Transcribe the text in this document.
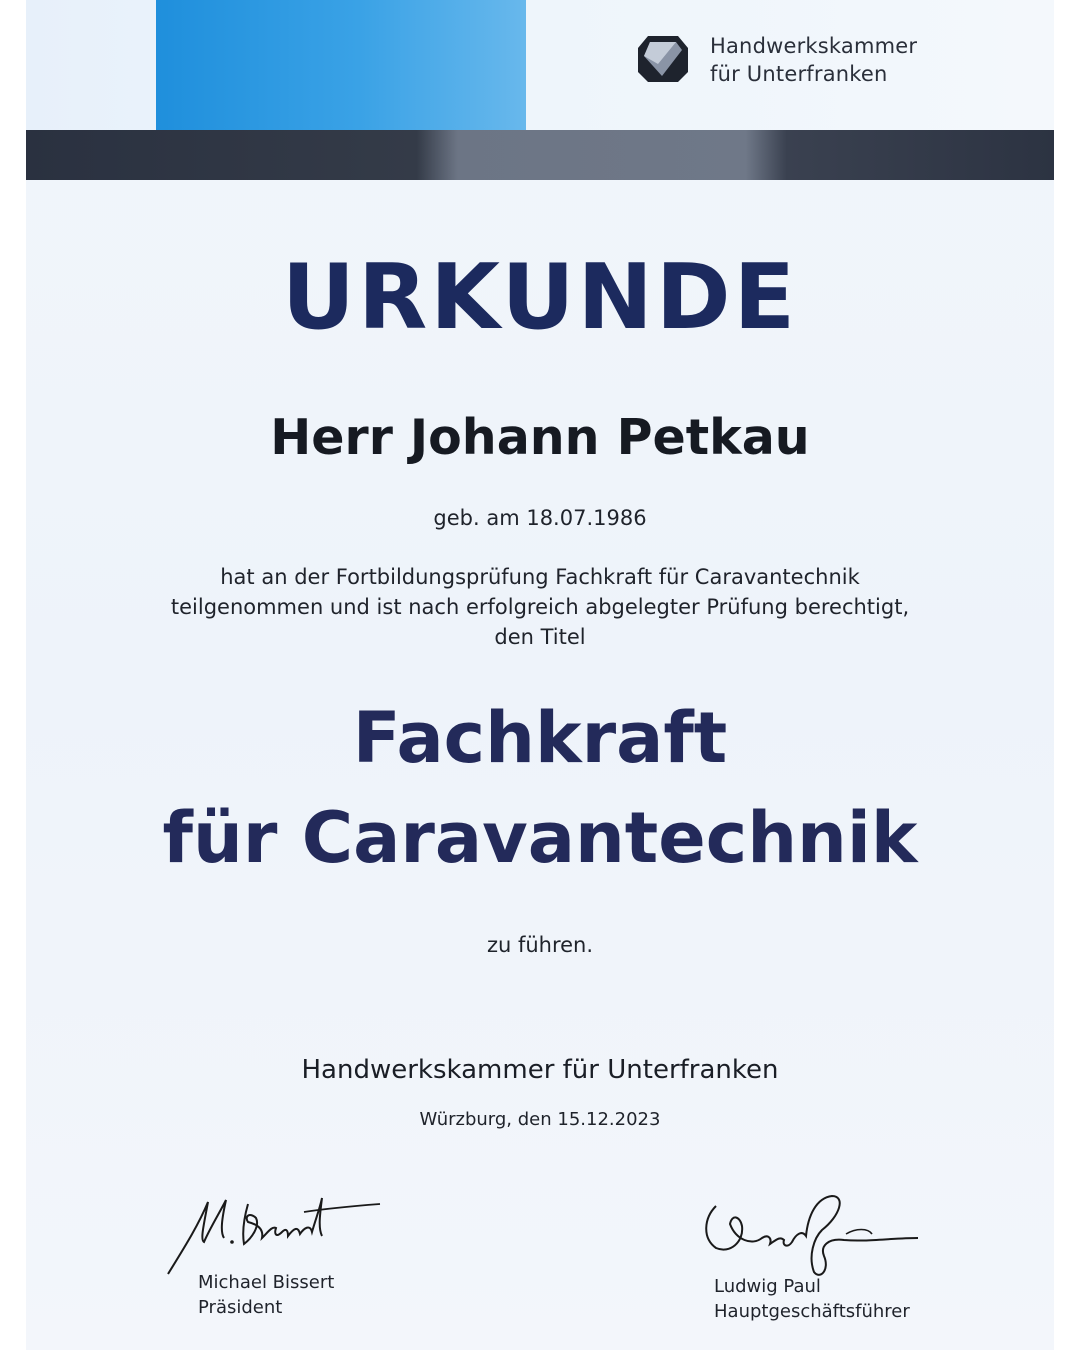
Handwerkskammer
für Unterfranken
URKUNDE
Herr Johann Petkau
geb. am 18.07.1986
hat an der Fortbildungsprüfung Fachkraft für Caravantechnik
teilgenommen und ist nach erfolgreich abgelegter Prüfung berechtigt,
den Titel
Fachkraft
für Caravantechnik
zu führen.
Handwerkskammer für Unterfranken
Würzburg, den 15.12.2023
Michael Bissert
Präsident
Ludwig Paul
Hauptgeschäftsführer
